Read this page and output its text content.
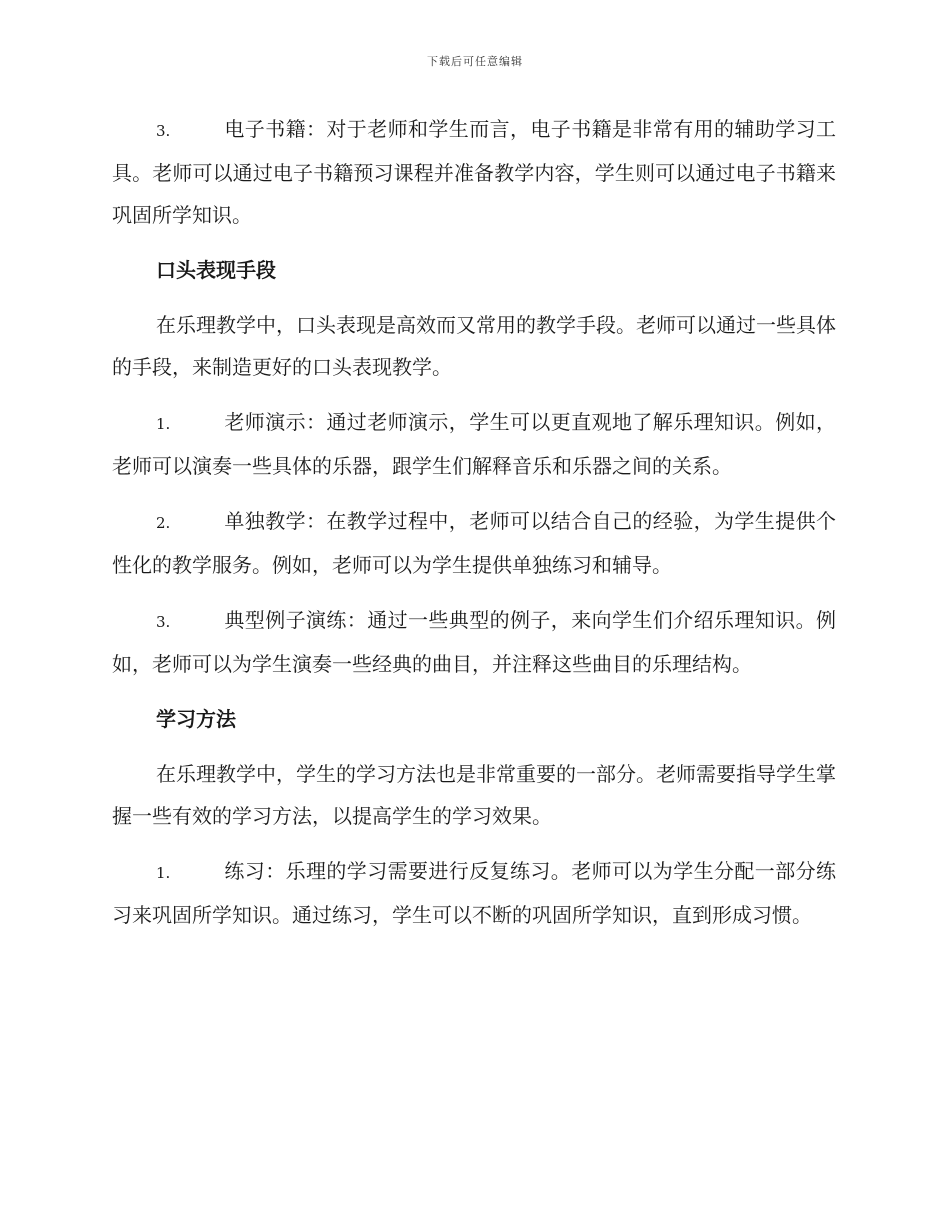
下载后可任意编辑

3.	电子书籍：对于老师和学生而言，电子书籍是非常有用的辅助学习工具。老师可以通过电子书籍预习课程并准备教学内容，学生则可以通过电子书籍来巩固所学知识。

口头表现手段

在乐理教学中，口头表现是高效而又常用的教学手段。老师可以通过一些具体的手段，来制造更好的口头表现教学。

1.	老师演示：通过老师演示，学生可以更直观地了解乐理知识。例如，老师可以演奏一些具体的乐器，跟学生们解释音乐和乐器之间的关系。

2.	单独教学：在教学过程中，老师可以结合自己的经验，为学生提供个性化的教学服务。例如，老师可以为学生提供单独练习和辅导。

3.	典型例子演练：通过一些典型的例子，来向学生们介绍乐理知识。例如，老师可以为学生演奏一些经典的曲目，并注释这些曲目的乐理结构。

学习方法

在乐理教学中，学生的学习方法也是非常重要的一部分。老师需要指导学生掌握一些有效的学习方法，以提高学生的学习效果。

1.	练习：乐理的学习需要进行反复练习。老师可以为学生分配一部分练习来巩固所学知识。通过练习，学生可以不断的巩固所学知识，直到形成习惯。
